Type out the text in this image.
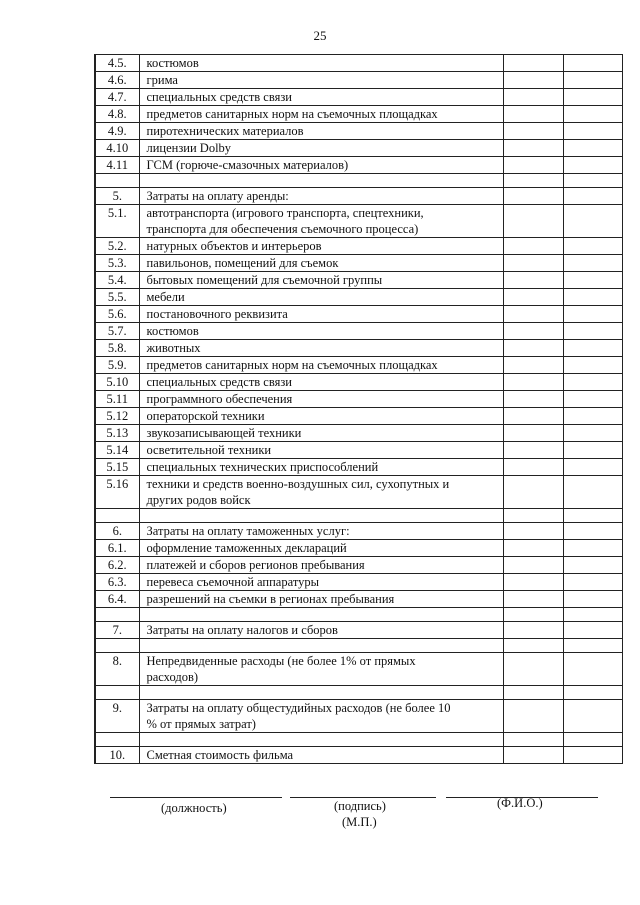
25
4.5.	костюмов		

4.6.	грима		

4.7.	специальных средств связи		

4.8.	предметов санитарных норм на съемочных площадках		

4.9.	пиротехнических материалов		

4.10	лицензии Dolby		

4.11	ГСМ (горюче-смазочных материалов)		

5.	Затраты на оплату аренды:		

5.1.	автотранспорта (игрового транспорта, спецтехники,
транспорта для обеспечения съемочного процесса)		

5.2.	натурных объектов и интерьеров		

5.3.	павильонов, помещений для съемок		

5.4.	бытовых помещений для съемочной группы		

5.5.	мебели		

5.6.	постановочного реквизита		

5.7.	костюмов		

5.8.	животных		

5.9.	предметов санитарных норм на съемочных площадках		

5.10	специальных средств связи		

5.11	программного обеспечения		

5.12	операторской техники		

5.13	звукозаписывающей техники		

5.14	осветительной техники		

5.15	специальных технических приспособлений		

5.16	техники и средств военно-воздушных сил, сухопутных и
других родов войск		

6.	Затраты на оплату таможенных услуг:		

6.1.	оформление таможенных деклараций		

6.2.	платежей и сборов регионов пребывания		

6.3.	перевеса съемочной аппаратуры		

6.4.	разрешений на съемки в регионах пребывания		

7.	Затраты на оплату налогов и сборов		

8.	Непредвиденные расходы (не более 1% от прямых
расходов)		

9.	Затраты на оплату общестудийных расходов (не более 10
% от прямых затрат)		

10.	Сметная стоимость фильма		

(должность)	(подпись)
(М.П.)
(Ф.И.О.)
